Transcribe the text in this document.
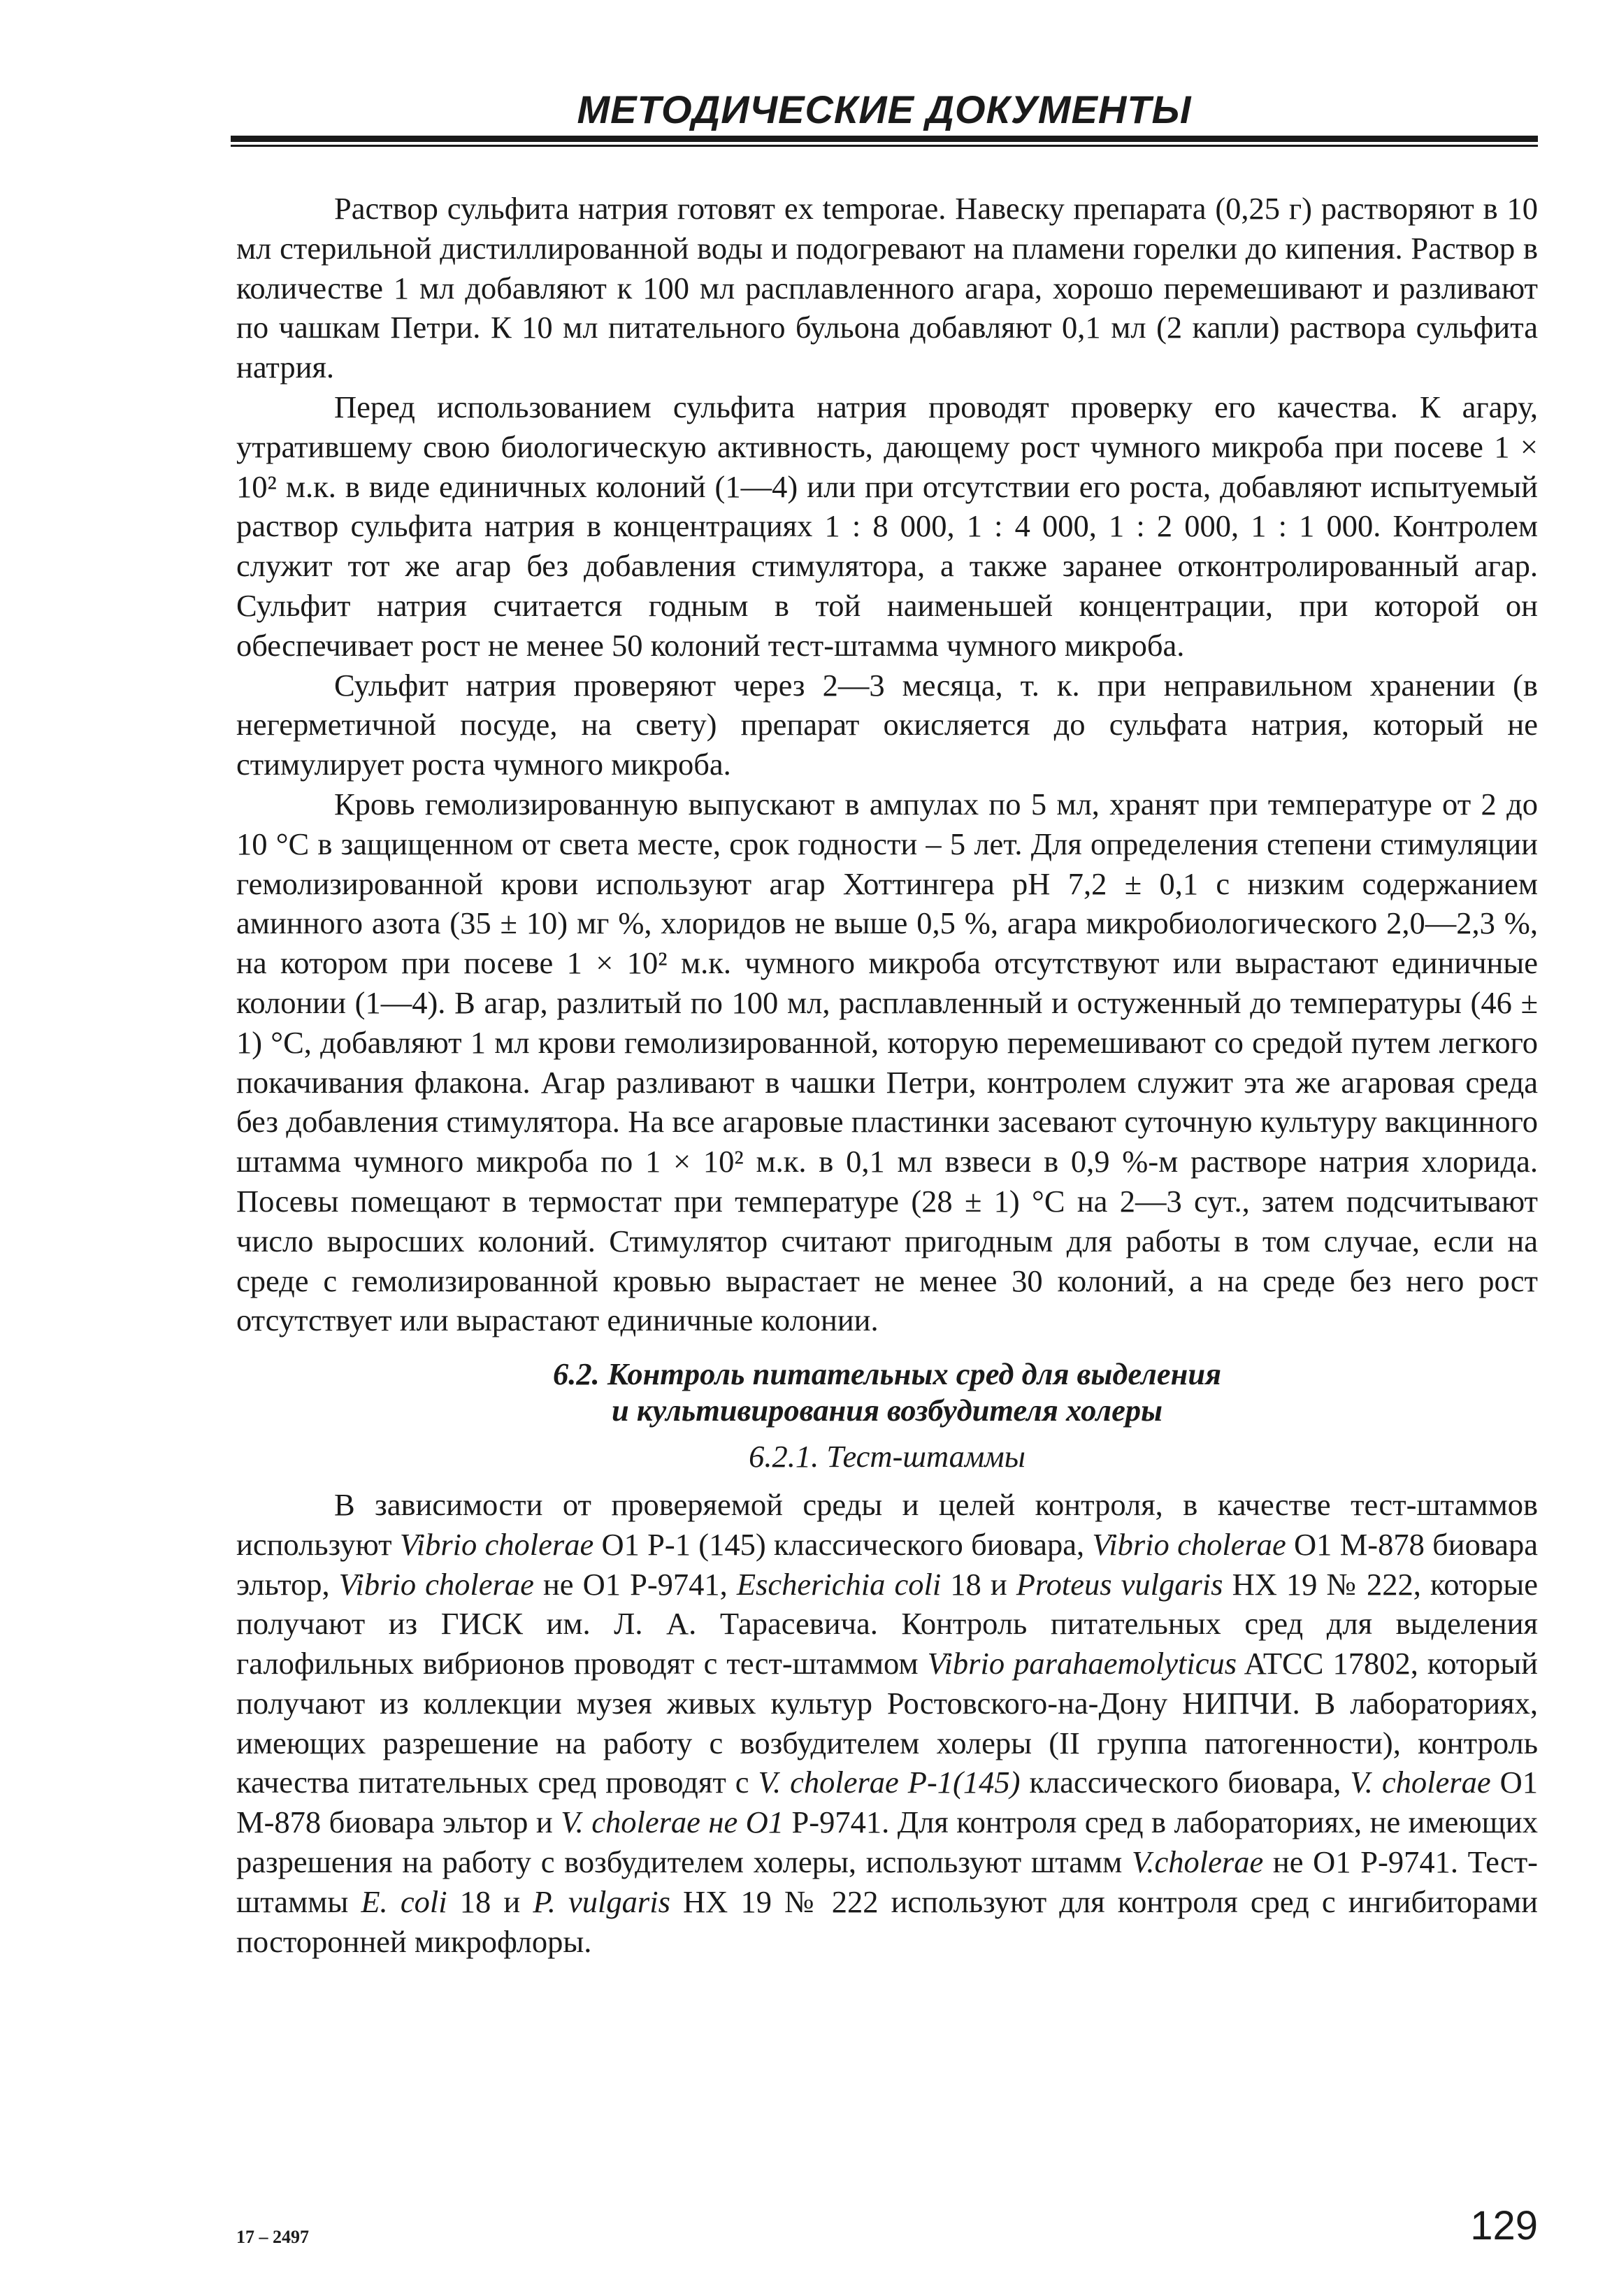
МЕТОДИЧЕСКИЕ ДОКУМЕНТЫ

Раствор сульфита натрия готовят ex temporae. Навеску препарата (0,25 г) растворяют в 10 мл стерильной дистиллированной воды и подогревают на пламени горелки до кипения. Раствор в количестве 1 мл добавляют к 100 мл расплавленного агара, хорошо перемешивают и разливают по чашкам Петри. К 10 мл питательного бульона добавляют 0,1 мл (2 капли) раствора сульфита натрия.

Перед использованием сульфита натрия проводят проверку его качества. К агару, утратившему свою биологическую активность, дающему рост чумного микроба при посеве 1 × 10² м.к. в виде единичных колоний (1—4) или при отсутствии его роста, добавляют испытуемый раствор сульфита натрия в концентрациях 1 : 8 000, 1 : 4 000, 1 : 2 000, 1 : 1 000. Контролем служит тот же агар без добавления стимулятора, а также заранее отконтролированный агар. Сульфит натрия считается годным в той наименьшей концентрации, при которой он обеспечивает рост не менее 50 колоний тест-штамма чумного микроба.

Сульфит натрия проверяют через 2—3 месяца, т. к. при неправильном хранении (в негерметичной посуде, на свету) препарат окисляется до сульфата натрия, который не стимулирует роста чумного микроба.

Кровь гемолизированную выпускают в ампулах по 5 мл, хранят при температуре от 2 до 10 °С в защищенном от света месте, срок годности – 5 лет. Для определения степени стимуляции гемолизированной крови используют агар Хоттингера pH 7,2 ± 0,1 с низким содержанием аминного азота (35 ± 10) мг %, хлоридов не выше 0,5 %, агара микробиологического 2,0—2,3 %, на котором при посеве 1 × 10² м.к. чумного микроба отсутствуют или вырастают единичные колонии (1—4). В агар, разлитый по 100 мл, расплавленный и остуженный до температуры (46 ± 1) °С, добавляют 1 мл крови гемолизированной, которую перемешивают со средой путем легкого покачивания флакона. Агар разливают в чашки Петри, контролем служит эта же агаровая среда без добавления стимулятора. На все агаровые пластинки засевают суточную культуру вакцинного штамма чумного микроба по 1 × 10² м.к. в 0,1 мл взвеси в 0,9 %-м растворе натрия хлорида. Посевы помещают в термостат при температуре (28 ± 1) °С на 2—3 сут., затем подсчитывают число выросших колоний. Стимулятор считают пригодным для работы в том случае, если на среде с гемолизированной кровью вырастает не менее 30 колоний, а на среде без него рост отсутствует или вырастают единичные колонии.

6.2. Контроль питательных сред для выделения
и культивирования возбудителя холеры
6.2.1. Тест-штаммы

В зависимости от проверяемой среды и целей контроля, в качестве тест-штаммов используют Vibrio cholerae O1 P-1 (145) классического биовара, Vibrio cholerae O1 M-878 биовара эльтор, Vibrio cholerae не O1 P-9741, Escherichia coli 18 и Proteus vulgaris HX 19 № 222, которые получают из ГИСК им. Л. А. Тарасевича. Контроль питательных сред для выделения галофильных вибрионов проводят с тест-штаммом Vibrio parahaemolyticus ATCC 17802, который получают из коллекции музея живых культур Ростовского-на-Дону НИПЧИ. В лабораториях, имеющих разрешение на работу с возбудителем холеры (II группа патогенности), контроль качества питательных сред проводят с V. cholerae P-1(145) классического биовара, V. cholerae O1 M-878 биовара эльтор и V. cholerae не O1 P-9741. Для контроля сред в лабораториях, не имеющих разрешения на работу с возбудителем холеры, используют штамм V.cholerae не O1 P-9741. Тест-штаммы E. coli 18 и P. vulgaris HX 19 № 222 используют для контроля сред с ингибиторами посторонней микрофлоры.

17 – 2497	129
